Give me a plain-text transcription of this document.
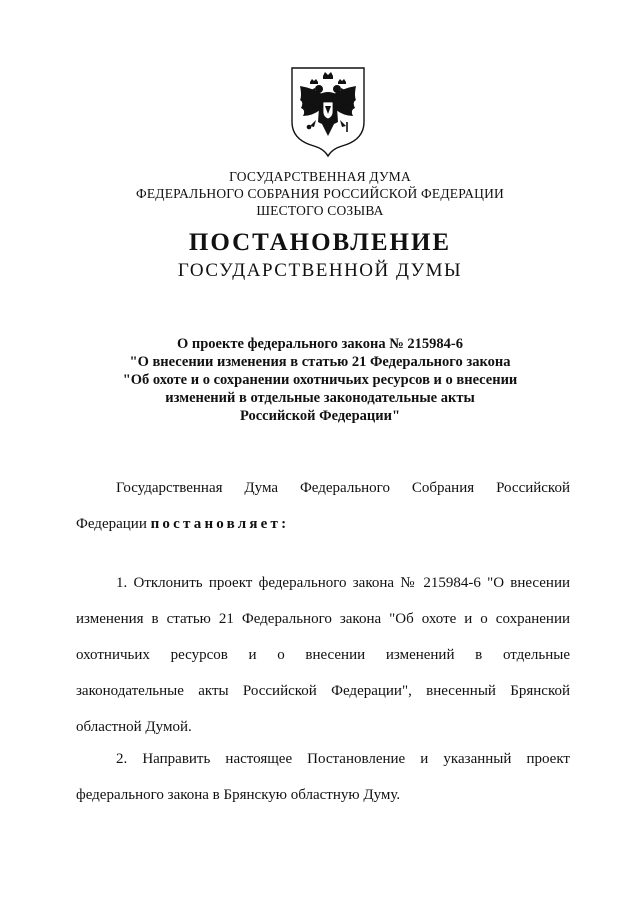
ГОСУДАРСТВЕННАЯ ДУМА
ФЕДЕРАЛЬНОГО СОБРАНИЯ РОССИЙСКОЙ ФЕДЕРАЦИИ
ШЕСТОГО СОЗЫВА
ПОСТАНОВЛЕНИЕ
ГОСУДАРСТВЕННОЙ ДУМЫ
О проекте федерального закона № 215984-6
"О внесении изменения в статью 21 Федерального закона
"Об охоте и о сохранении охотничьих ресурсов и о внесении
изменений в отдельные законодательные акты
Российской Федерации"
Государственная Дума Федерального Собрания Российской
Федерации постановляет:
1. Отклонить проект федерального закона № 215984-6 "О внесении
изменения в статью 21 Федерального закона "Об охоте и о сохранении
охотничьих ресурсов и о внесении изменений в отдельные
законодательные акты Российской Федерации", внесенный Брянской
областной Думой.
2. Направить настоящее Постановление и указанный проект
федерального закона в Брянскую областную Думу.
